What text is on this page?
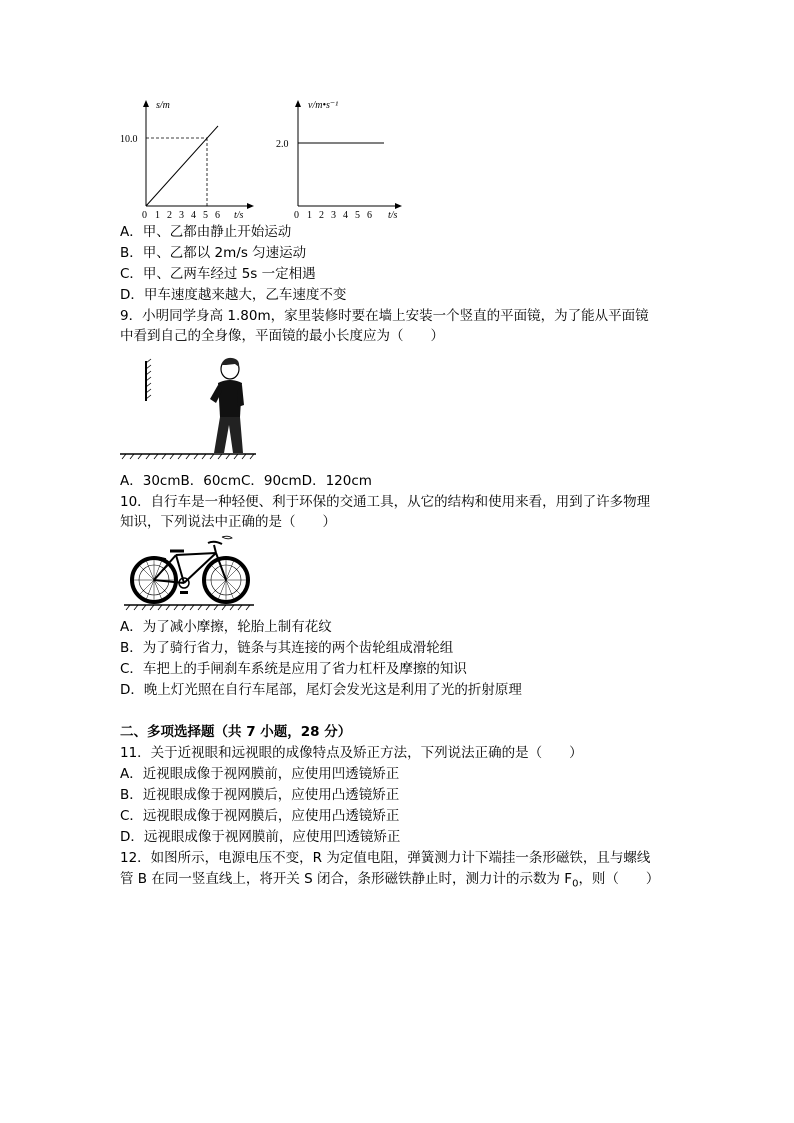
s/m
10.0
0 1 2 3 4 5 6 t/s
v/m•s⁻¹
2.0
0 1 2 3 4 5 6 t/s
A．甲、乙都由静止开始运动
B．甲、乙都以 2m/s 匀速运动
C．甲、乙两车经过 5s 一定相遇
D．甲车速度越来越大，乙车速度不变
9．小明同学身高 1.80m，家里装修时要在墙上安装一个竖直的平面镜，为了能从平面镜
中看到自己的全身像，平面镜的最小长度应为（　　）
A．30cmB．60cmC．90cmD．120cm
10．自行车是一种轻便、利于环保的交通工具，从它的结构和使用来看，用到了许多物理
知识，下列说法中正确的是（　　）
A．为了减小摩擦，轮胎上制有花纹
B．为了骑行省力，链条与其连接的两个齿轮组成滑轮组
C．车把上的手闸刹车系统是应用了省力杠杆及摩擦的知识
D．晚上灯光照在自行车尾部，尾灯会发光这是利用了光的折射原理
二、多项选择题（共 7 小题，28 分）
11．关于近视眼和远视眼的成像特点及矫正方法，下列说法正确的是（　　）
A．近视眼成像于视网膜前，应使用凹透镜矫正
B．近视眼成像于视网膜后，应使用凸透镜矫正
C．远视眼成像于视网膜后，应使用凸透镜矫正
D．远视眼成像于视网膜前，应使用凹透镜矫正
12．如图所示，电源电压不变，R 为定值电阻，弹簧测力计下端挂一条形磁铁，且与螺线
管 B 在同一竖直线上，将开关 S 闭合，条形磁铁静止时，测力计的示数为 $F_0$，则（　　）
